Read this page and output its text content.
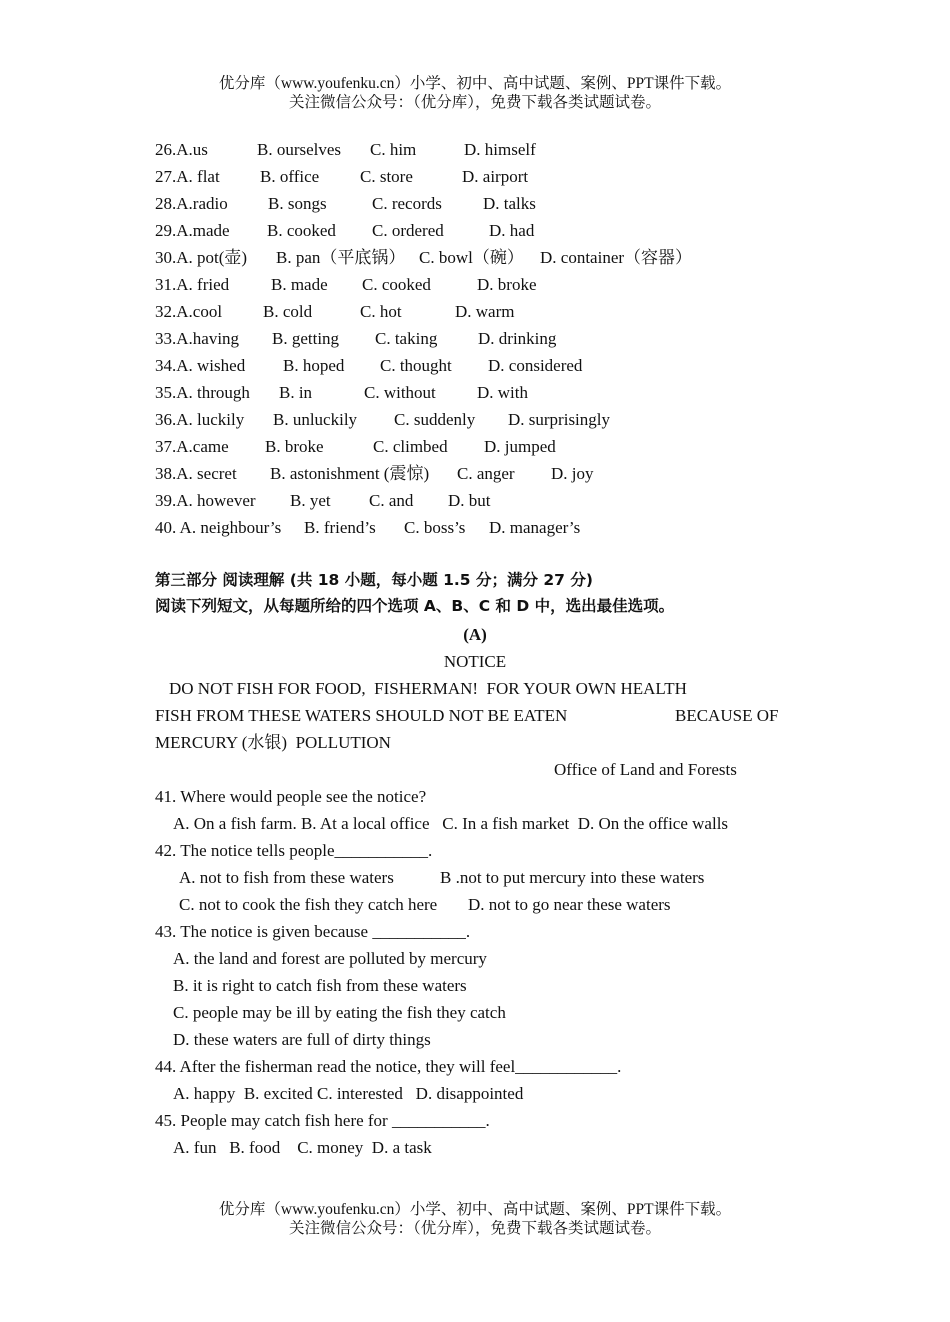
优分库（www.youfenku.cn）小学、初中、高中试题、案例、PPT课件下载。
关注微信公众号：（优分库），免费下载各类试题试卷。
26.A.us	B. ourselves C. him	D. himself
27.A. flat B. office C. store	D. airport
28.A.radio B. songs	C. records D. talks
29.A.made B. cooked C. ordered	D. had
30.A. pot(壶) B. pan（平底锅） C. bowl（碗） D. container（容器）
31.A. fried B. made C. cooked	D. broke
32.A.cool B. cold	C. hot	D. warm
33.A.having B. getting C. taking D. drinking
34.A. wished B. hoped C. thought D. considered
35.A. through B. in	C. without D. with
36.A. luckily B. unluckily C. suddenly D. surprisingly
37.A.came B. broke	C. climbed D. jumped
38.A. secret B. astonishment (震惊) C. anger D. joy
39.A. however B. yet C. and D. but
40. A. neighbour’s B. friend’s C. boss’s D. manager’s
第三部分 阅读理解 (共 18 小题，每小题 1.5 分；满分 27 分)
阅读下列短文，从每题所给的四个选项 A、B、C 和 D 中，选出最佳选项。
(A)
NOTICE
DO NOT FISH FOR FOOD,  FISHERMAN!  FOR YOUR OWN HEALTH
FISH FROM THESE WATERS SHOULD NOT BE EATEN	BECAUSE OF
MERCURY (水银)  POLLUTION
Office of Land and Forests
41. Where would people see the notice?
A. On a fish farm. B. At a local office   C. In a fish market  D. On the office walls
42. The notice tells people___________.
A. not to fish from these waters	B .not to put mercury into these waters
C. not to cook the fish they catch here D. not to go near these waters
43. The notice is given because ___________.
A. the land and forest are polluted by mercury
B. it is right to catch fish from these waters
C. people may be ill by eating the fish they catch
D. these waters are full of dirty things
44. After the fisherman read the notice, they will feel____________.
A. happy  B. excited C. interested   D. disappointed
45. People may catch fish here for ___________.
A. fun   B. food    C. money  D. a task
优分库（www.youfenku.cn）小学、初中、高中试题、案例、PPT课件下载。
关注微信公众号：（优分库），免费下载各类试题试卷。
